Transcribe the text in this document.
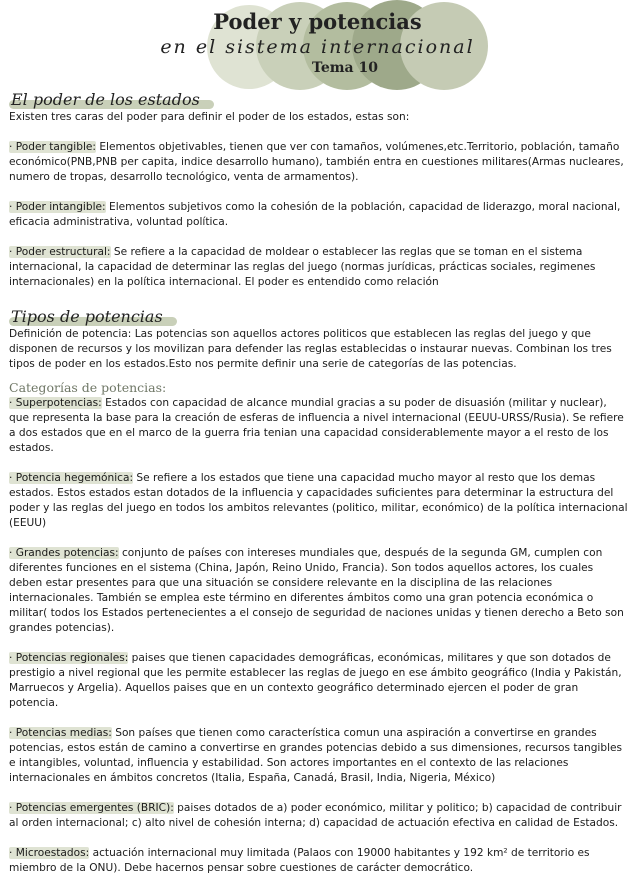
Poder y potencias
en el sistema internacional
Tema 10
El poder de los estados

Existen tres caras del poder para definir el poder de los estados, estas son:

· Poder tangible: Elementos objetivables, tienen que ver con tamaños, volúmenes,etc.Territorio, población, tamaño económico(PNB,PNB per capita, indice desarrollo humano), también entra en cuestiones militares(Armas nucleares, numero de tropas, desarrollo tecnológico, venta de armamentos).

· Poder intangible: Elementos subjetivos como la cohesión de la población, capacidad de liderazgo, moral nacional, eficacia administrativa, voluntad política.

· Poder estructural: Se refiere a la capacidad de moldear o establecer las reglas que se toman en el sistema internacional, la capacidad de determinar las reglas del juego (normas jurídicas, prácticas sociales, regimenes internacionales) en la política internacional. El poder es entendido como relación

Tipos de potencias

Definición de potencia: Las potencias son aquellos actores politicos que establecen las reglas del juego y que disponen de recursos y los movilizan para defender las reglas establecidas o instaurar nuevas. Combinan los tres tipos de poder en los estados.Esto nos permite definir una serie de categorías de las potencias.

Categorías de potencias:

· Superpotencias: Estados con capacidad de alcance mundial gracias a su poder de disuasión (militar y nuclear), que representa la base para la creación de esferas de influencia a nivel internacional (EEUU-URSS/Rusia). Se refiere a dos estados que en el marco de la guerra fria tenian una capacidad considerablemente mayor a el resto de los estados.

· Potencia hegemónica: Se refiere a los estados que tiene una capacidad mucho mayor al resto que los demas estados. Estos estados estan dotados de la influencia y capacidades suficientes para determinar la estructura del poder y las reglas del juego en todos los ambitos relevantes (politico, militar, económico) de la política internacional (EEUU)

· Grandes potencias: conjunto de países con intereses mundiales que, después de la segunda GM, cumplen con diferentes funciones en el sistema (China, Japón, Reino Unido, Francia). Son todos aquellos actores, los cuales deben estar presentes para que una situación se considere relevante en la disciplina de las relaciones internacionales. También se emplea este término en diferentes ámbitos como una gran potencia económica o militar( todos los Estados pertenecientes a el consejo de seguridad de naciones unidas y tienen derecho a Beto son grandes potencias).

· Potencias regionales: paises que tienen capacidades demográficas, económicas, militares y que son dotados de prestigio a nivel regional que les permite establecer las reglas de juego en ese ámbito geográfico (India y Pakistán, Marruecos y Argelia). Aquellos paises que en un contexto geográfico determinado ejercen el poder de gran potencia.

· Potencias medias: Son países que tienen como característica comun una aspiración a convertirse en grandes potencias, estos están de camino a convertirse en grandes potencias debido a sus dimensiones, recursos tangibles e intangibles, voluntad, influencia y estabilidad. Son actores importantes en el contexto de las relaciones internacionales en ámbitos concretos (Italia, España, Canadá, Brasil, India, Nigeria, México)

· Potencias emergentes (BRIC): paises dotados de a) poder económico, militar y politico; b) capacidad de contribuir al orden internacional; c) alto nivel de cohesión interna; d) capacidad de actuación efectiva en calidad de Estados.

· Microestados: actuación internacional muy limitada (Palaos con 19000 habitantes y 192 km² de territorio es miembro de la ONU). Debe hacernos pensar sobre cuestiones de carácter democrático.
